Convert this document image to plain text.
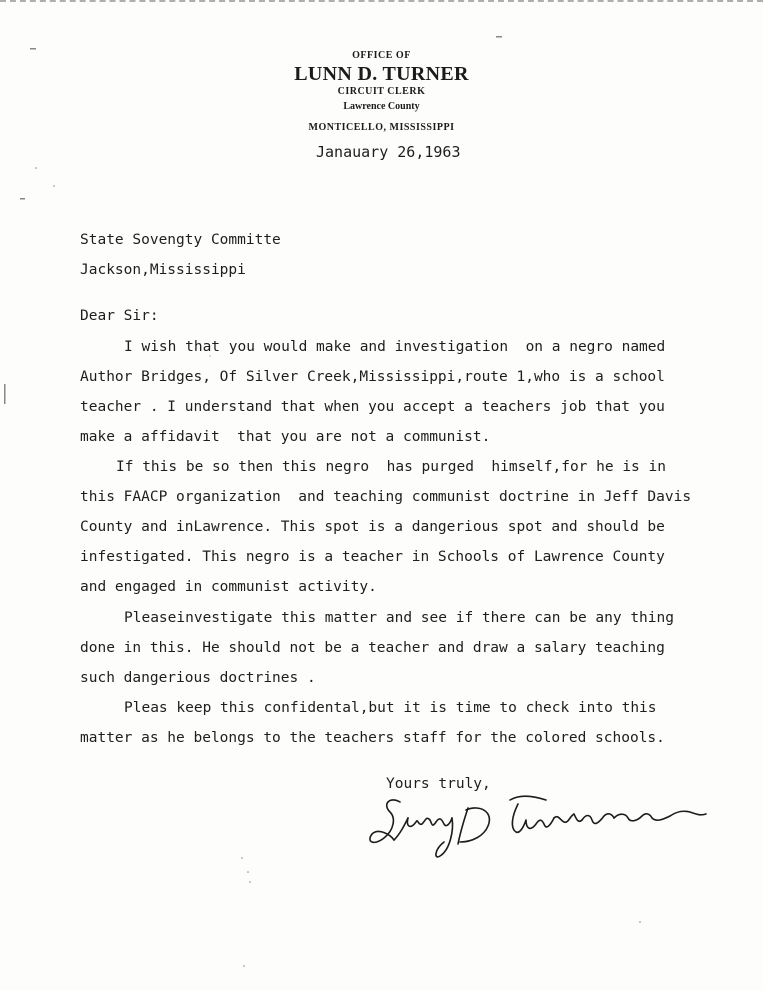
OFFICE OF
LUNN D. TURNER
CIRCUIT CLERK
Lawrence County
MONTICELLO, MISSISSIPPI
Janauary 26,1963
State Sovengty Committe
Jackson,Mississippi
Dear Sir:
I wish that you would make and investigation  on a negro named
Author Bridges, Of Silver Creek,Mississippi,route 1,who is a school
teacher . I understand that when you accept a teachers job that you
make a affidavit  that you are not a communist.
If this be so then this negro  has purged  himself,for he is in
this FAACP organization  and teaching communist doctrine in Jeff Davis
County and inLawrence. This spot is a dangerious spot and should be
infestigated. This negro is a teacher in Schools of Lawrence County
and engaged in communist activity.
Pleaseinvestigate this matter and see if there can be any thing
done in this. He should not be a teacher and draw a salary teaching
such dangerious doctrines .
Pleas keep this confidental,but it is time to check into this
matter as he belongs to the teachers staff for the colored schools.
Yours truly,
